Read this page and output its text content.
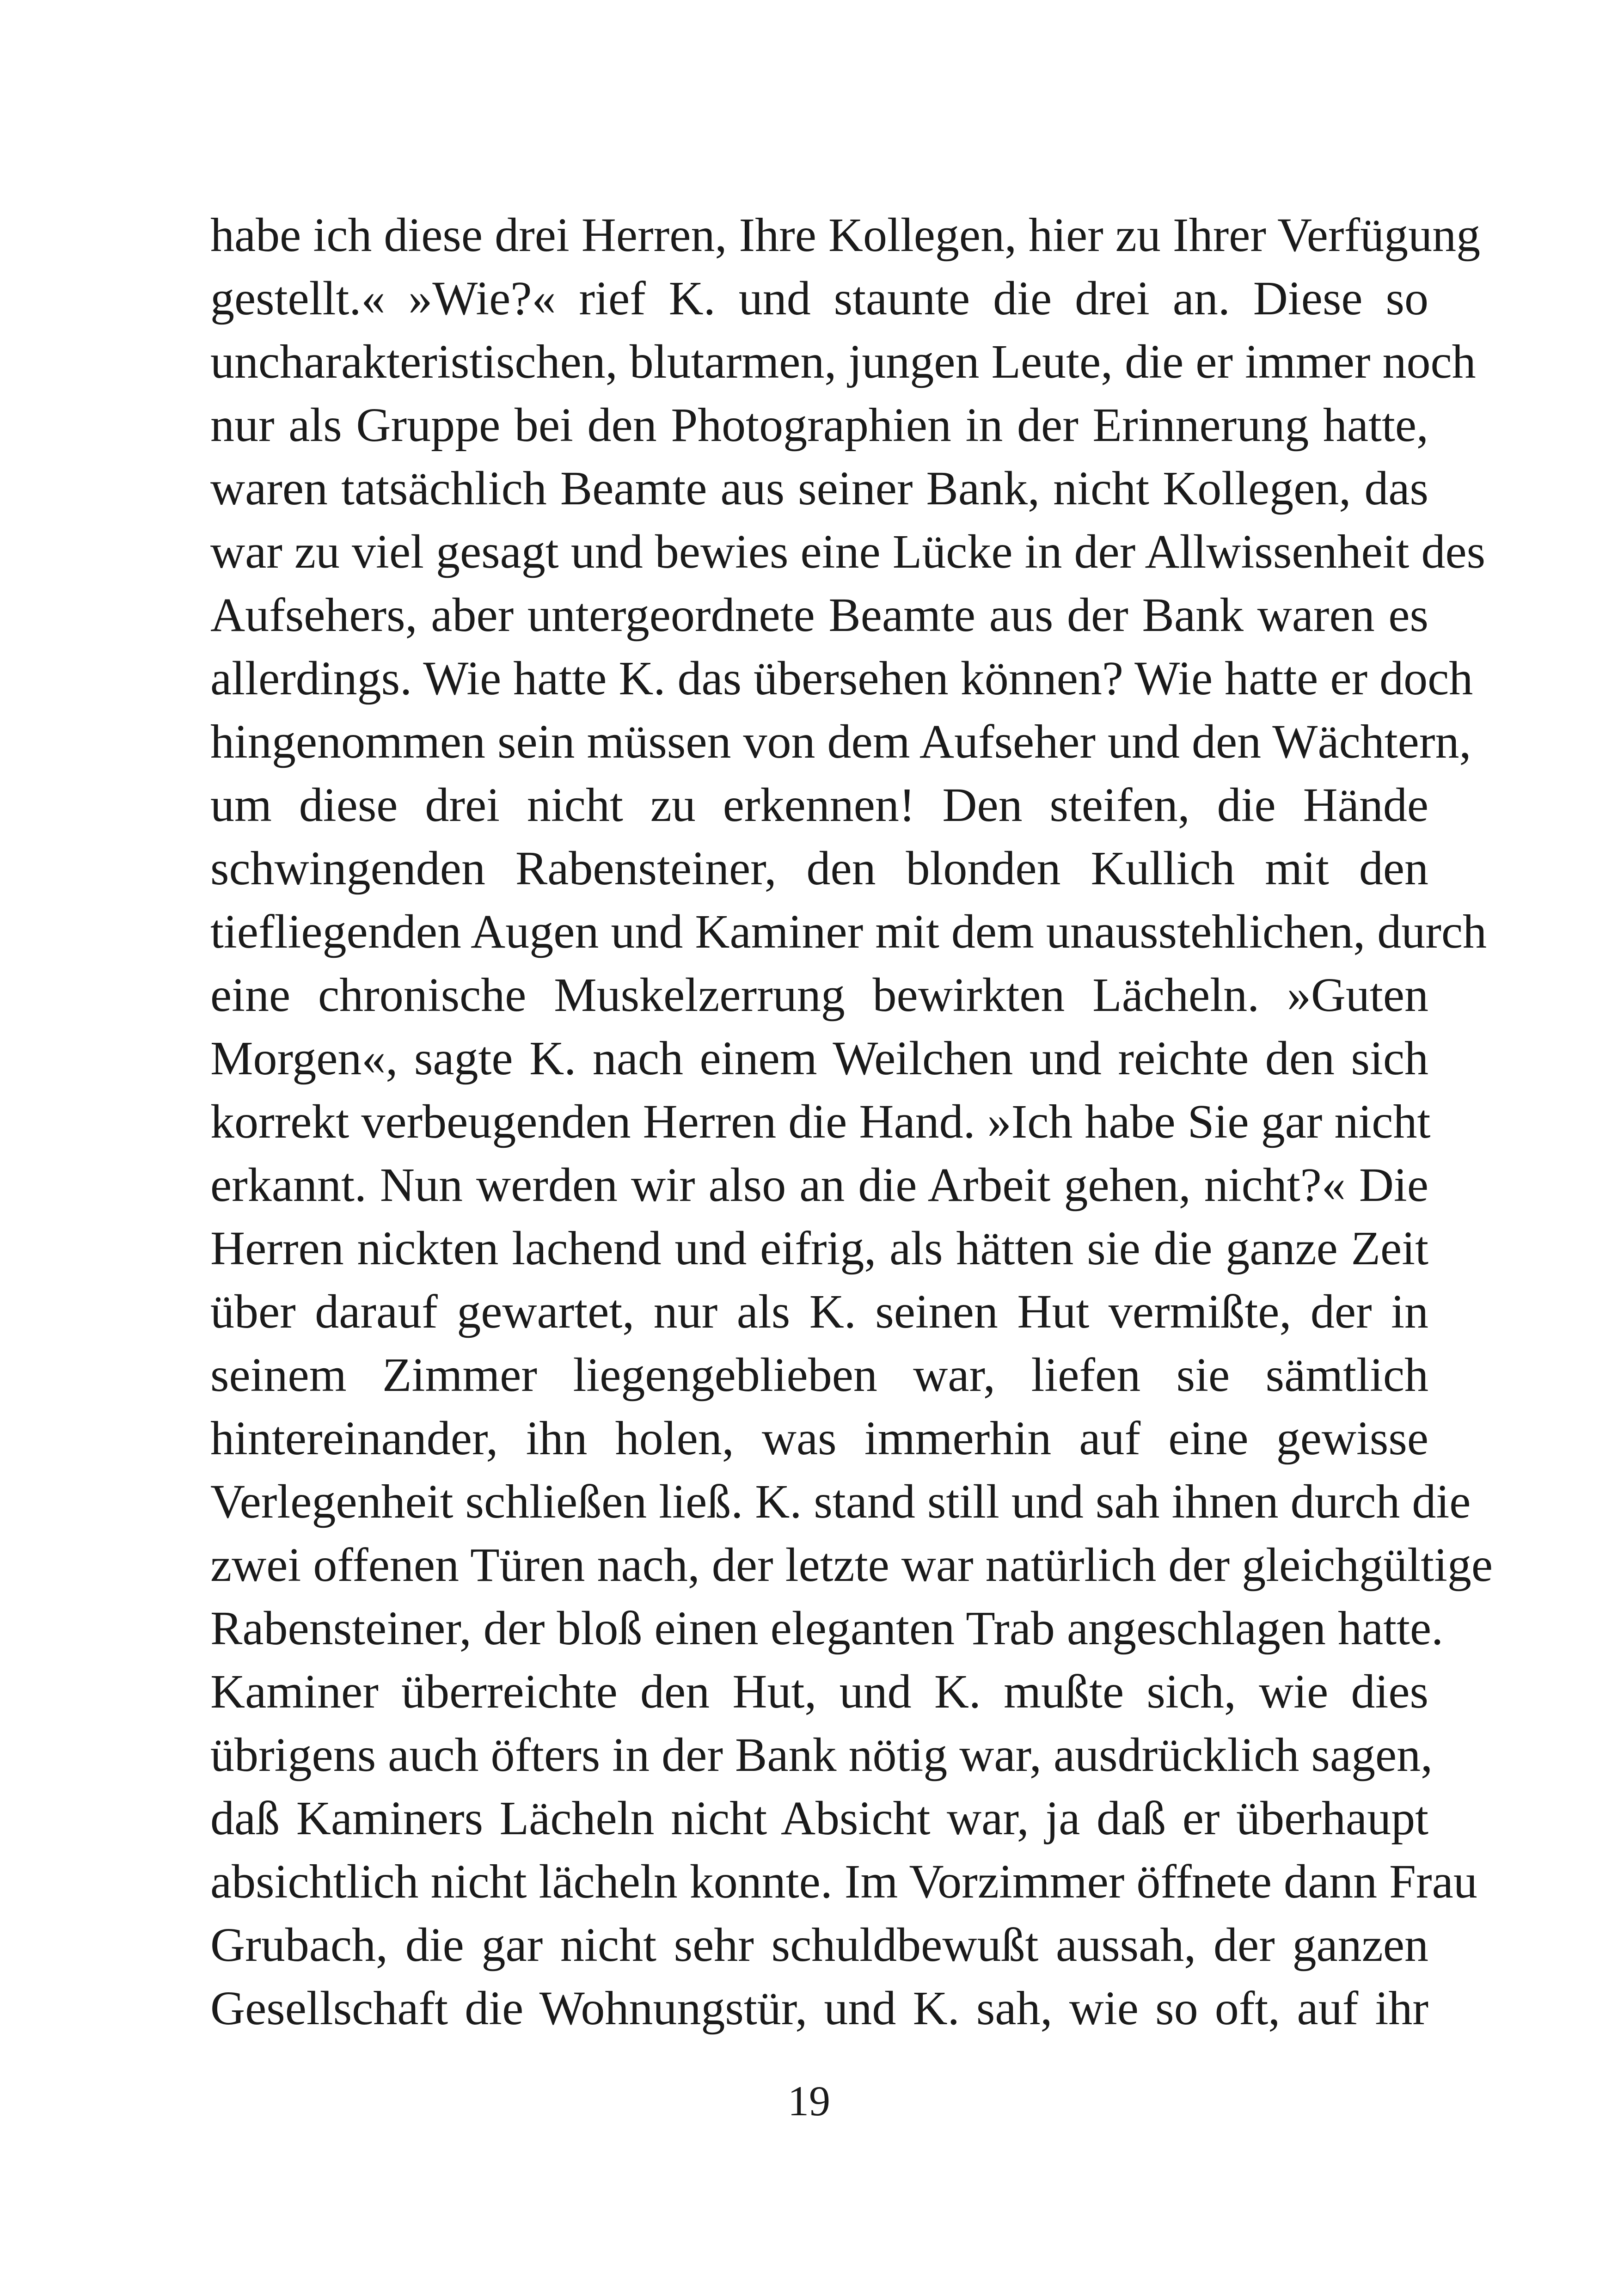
habe ich diese drei Herren, Ihre Kollegen, hier zu Ihrer Verfügung
gestellt.« »Wie?« rief K. und staunte die drei an. Diese so
uncharakteristischen, blutarmen, jungen Leute, die er immer noch
nur als Gruppe bei den Photographien in der Erinnerung hatte,
waren tatsächlich Beamte aus seiner Bank, nicht Kollegen, das
war zu viel gesagt und bewies eine Lücke in der Allwissenheit des
Aufsehers, aber untergeordnete Beamte aus der Bank waren es
allerdings. Wie hatte K. das übersehen können? Wie hatte er doch
hingenommen sein müssen von dem Aufseher und den Wächtern,
um diese drei nicht zu erkennen! Den steifen, die Hände
schwingenden Rabensteiner, den blonden Kullich mit den
tiefliegenden Augen und Kaminer mit dem unausstehlichen, durch
eine chronische Muskelzerrung bewirkten Lächeln. »Guten
Morgen«, sagte K. nach einem Weilchen und reichte den sich
korrekt verbeugenden Herren die Hand. »Ich habe Sie gar nicht
erkannt. Nun werden wir also an die Arbeit gehen, nicht?« Die
Herren nickten lachend und eifrig, als hätten sie die ganze Zeit
über darauf gewartet, nur als K. seinen Hut vermißte, der in
seinem Zimmer liegengeblieben war, liefen sie sämtlich
hintereinander, ihn holen, was immerhin auf eine gewisse
Verlegenheit schließen ließ. K. stand still und sah ihnen durch die
zwei offenen Türen nach, der letzte war natürlich der gleichgültige
Rabensteiner, der bloß einen eleganten Trab angeschlagen hatte.
Kaminer überreichte den Hut, und K. mußte sich, wie dies
übrigens auch öfters in der Bank nötig war, ausdrücklich sagen,
daß Kaminers Lächeln nicht Absicht war, ja daß er überhaupt
absichtlich nicht lächeln konnte. Im Vorzimmer öffnete dann Frau
Grubach, die gar nicht sehr schuldbewußt aussah, der ganzen
Gesellschaft die Wohnungstür, und K. sah, wie so oft, auf ihr
19
